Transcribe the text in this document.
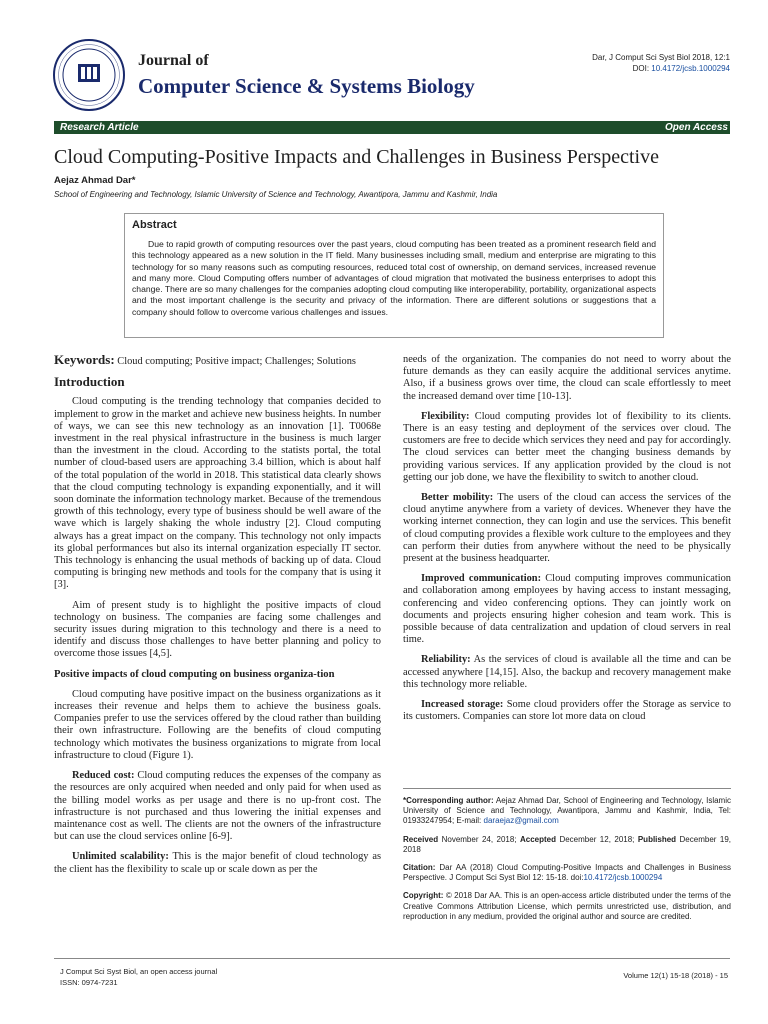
Journal of
Computer Science & Systems Biology
Dar, J Comput Sci Syst Biol 2018, 12:1
DOI: 10.4172/jcsb.1000294
Research Article	Open Access
Cloud Computing-Positive Impacts and Challenges in Business Perspective
Aejaz Ahmad Dar*
School of Engineering and Technology, Islamic University of Science and Technology, Awantipora, Jammu and Kashmir, India
Abstract
Due to rapid growth of computing resources over the past years, cloud computing has been treated as a prominent research field and this technology appeared as a new solution in the IT field. Many businesses including small, medium and enterprise are migrating to this technology for so many reasons such as computing resources, reduced total cost of ownership, on demand services, increased revenue and many more. Cloud Computing offers number of advantages of cloud migration that motivated the business enterprises to adopt this change. There are so many challenges for the companies adopting cloud computing like interoperability, portability, organizational aspects and the most important challenge is the security and privacy of the information. There are different solutions or suggestions that a company should follow to overcome various challenges and issues.

Keywords: Cloud computing; Positive impact; Challenges; Solutions

Introduction

Cloud computing is the trending technology that companies decided to implement to grow in the market and achieve new business heights. In number of ways, we can see this new technology as an innovation [1]. T0068e investment in the real physical infrastructure in the business is much larger than the investment in the cloud. According to the statists portal, the total number of cloud-based users are approaching 3.4 billion, which is about half of the total population of the world in 2018. This statistical data clearly shows that the cloud computing technology is expanding exponentially, and it will soon dominate the information technology market. Because of the tremendous growth of this technology, every type of business should be well aware of the wave which is largely shaking the whole industry [2]. Cloud computing always has a great impact on the company. This technology not only impacts its global performances but also its internal organization especially IT sector. This technology is enhancing the usual methods of backing up of data. Cloud computing is bringing new methods and tools for the company that is using it [3].

Aim of present study is to highlight the positive impacts of cloud technology on business. The companies are facing some challenges and security issues during migration to this technology and there is a need to identify and discuss those challenges to have better planning and policy to overcome those issues [4,5].

Positive impacts of cloud computing on business organiza-tion

Cloud computing have positive impact on the business organizations as it increases their revenue and helps them to achieve the business goals. Companies prefer to use the services offered by the cloud rather than building their own infrastructure. Following are the benefits of cloud computing technology which motivates the business organizations to migrate from local infrastructure to cloud (Figure 1).

Reduced cost: Cloud computing reduces the expenses of the company as the resources are only acquired when needed and only paid for when used as the billing model works as per usage and there is no up-front cost. The infrastructure is not purchased and thus lowering the initial expenses and maintenance cost as well. The clients are not the owners of the infrastructure but can use the cloud services online [6-9].

Unlimited scalability: This is the major benefit of cloud technology as the client has the flexibility to scale up or scale down as per the

needs of the organization. The companies do not need to worry about the future demands as they can easily acquire the additional services anytime. Also, if a business grows over time, the cloud can scale effortlessly to meet the increased demand over time [10-13].

Flexibility: Cloud computing provides lot of flexibility to its clients. There is an easy testing and deployment of the services over cloud. The customers are free to decide which services they need and pay for accordingly. The cloud services can better meet the changing business demands by providing various services. If any application provided by the cloud is not getting our job done, we have the flexibility to switch to another cloud.

Better mobility: The users of the cloud can access the services of the cloud anytime anywhere from a variety of devices. Whenever they have the working internet connection, they can login and use the services. This benefit of cloud computing provides a flexible work culture to the employees and they can perform their duties from anywhere without the need to be physically present at the business headquarter.

Improved communication: Cloud computing improves communication and collaboration among employees by having access to instant messaging, conferencing and video conferencing options. They can jointly work on documents and projects ensuring higher cohesion and team work. This is possible because of data centralization and updation of cloud servers in real time.

Reliability: As the services of cloud is available all the time and can be accessed anywhere [14,15]. Also, the backup and recovery management make this technology more reliable.

Increased storage: Some cloud providers offer the Storage as service to its customers. Companies can store lot more data on cloud

*Corresponding author: Aejaz Ahmad Dar, School of Engineering and Technology, Islamic University of Science and Technology, Awantipora, Jammu and Kashmir, India, Tel: 01933247954; E-mail: daraejaz@gmail.com

Received November 24, 2018; Accepted December 12, 2018; Published December 19, 2018

Citation: Dar AA (2018) Cloud Computing-Positive Impacts and Challenges in Business Perspective. J Comput Sci Syst Biol 12: 15-18. doi:10.4172/jcsb.1000294

Copyright: © 2018 Dar AA. This is an open-access article distributed under the terms of the Creative Commons Attribution License, which permits unrestricted use, distribution, and reproduction in any medium, provided the original author and source are credited.

J Comput Sci Syst Biol, an open access journal
ISSN: 0974-7231
Volume 12(1) 15-18 (2018) - 15
